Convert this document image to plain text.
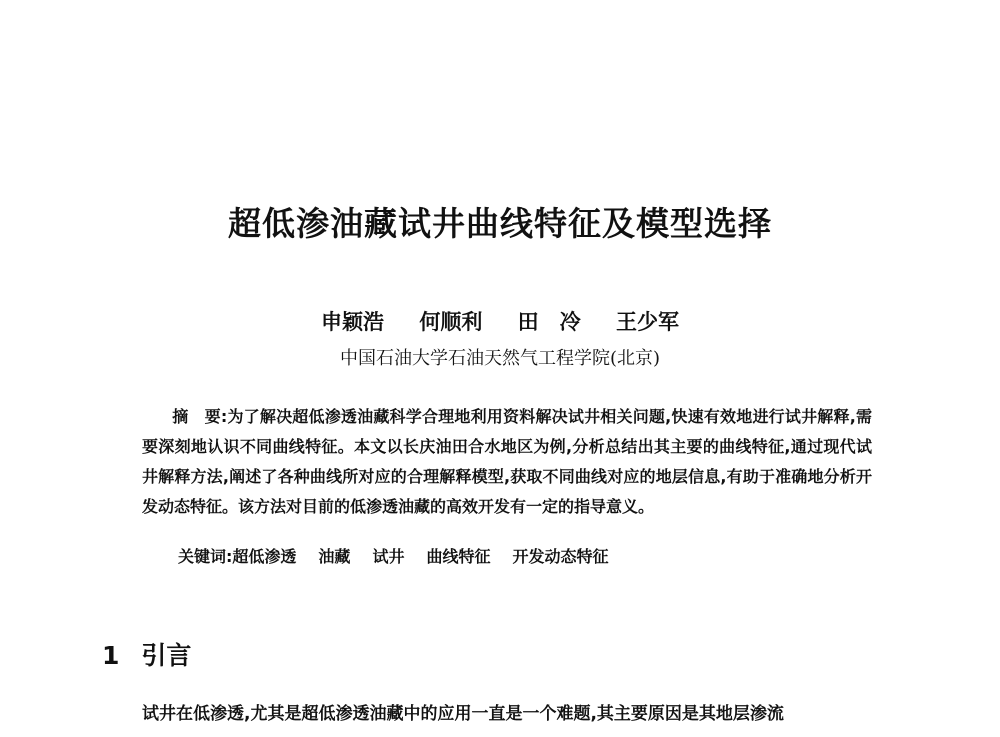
超低渗油藏试井曲线特征及模型选择
申颖浩 何顺利 田　冷 王少军
中国石油大学石油天然气工程学院(北京)
摘　要:为了解决超低渗透油藏科学合理地利用资料解决试井相关问题,快速有效地进行试井解释,需要深刻地认识不同曲线特征。本文以长庆油田合水地区为例,分析总结出其主要的曲线特征,通过现代试井解释方法,阐述了各种曲线所对应的合理解释模型,获取不同曲线对应的地层信息,有助于准确地分析开发动态特征。该方法对目前的低渗透油藏的高效开发有一定的指导意义。
关键词:超低渗透 油藏 试井 曲线特征 开发动态特征
1 引言
试井在低渗透,尤其是超低渗透油藏中的应用一直是一个难题,其主要原因是其地层渗流
